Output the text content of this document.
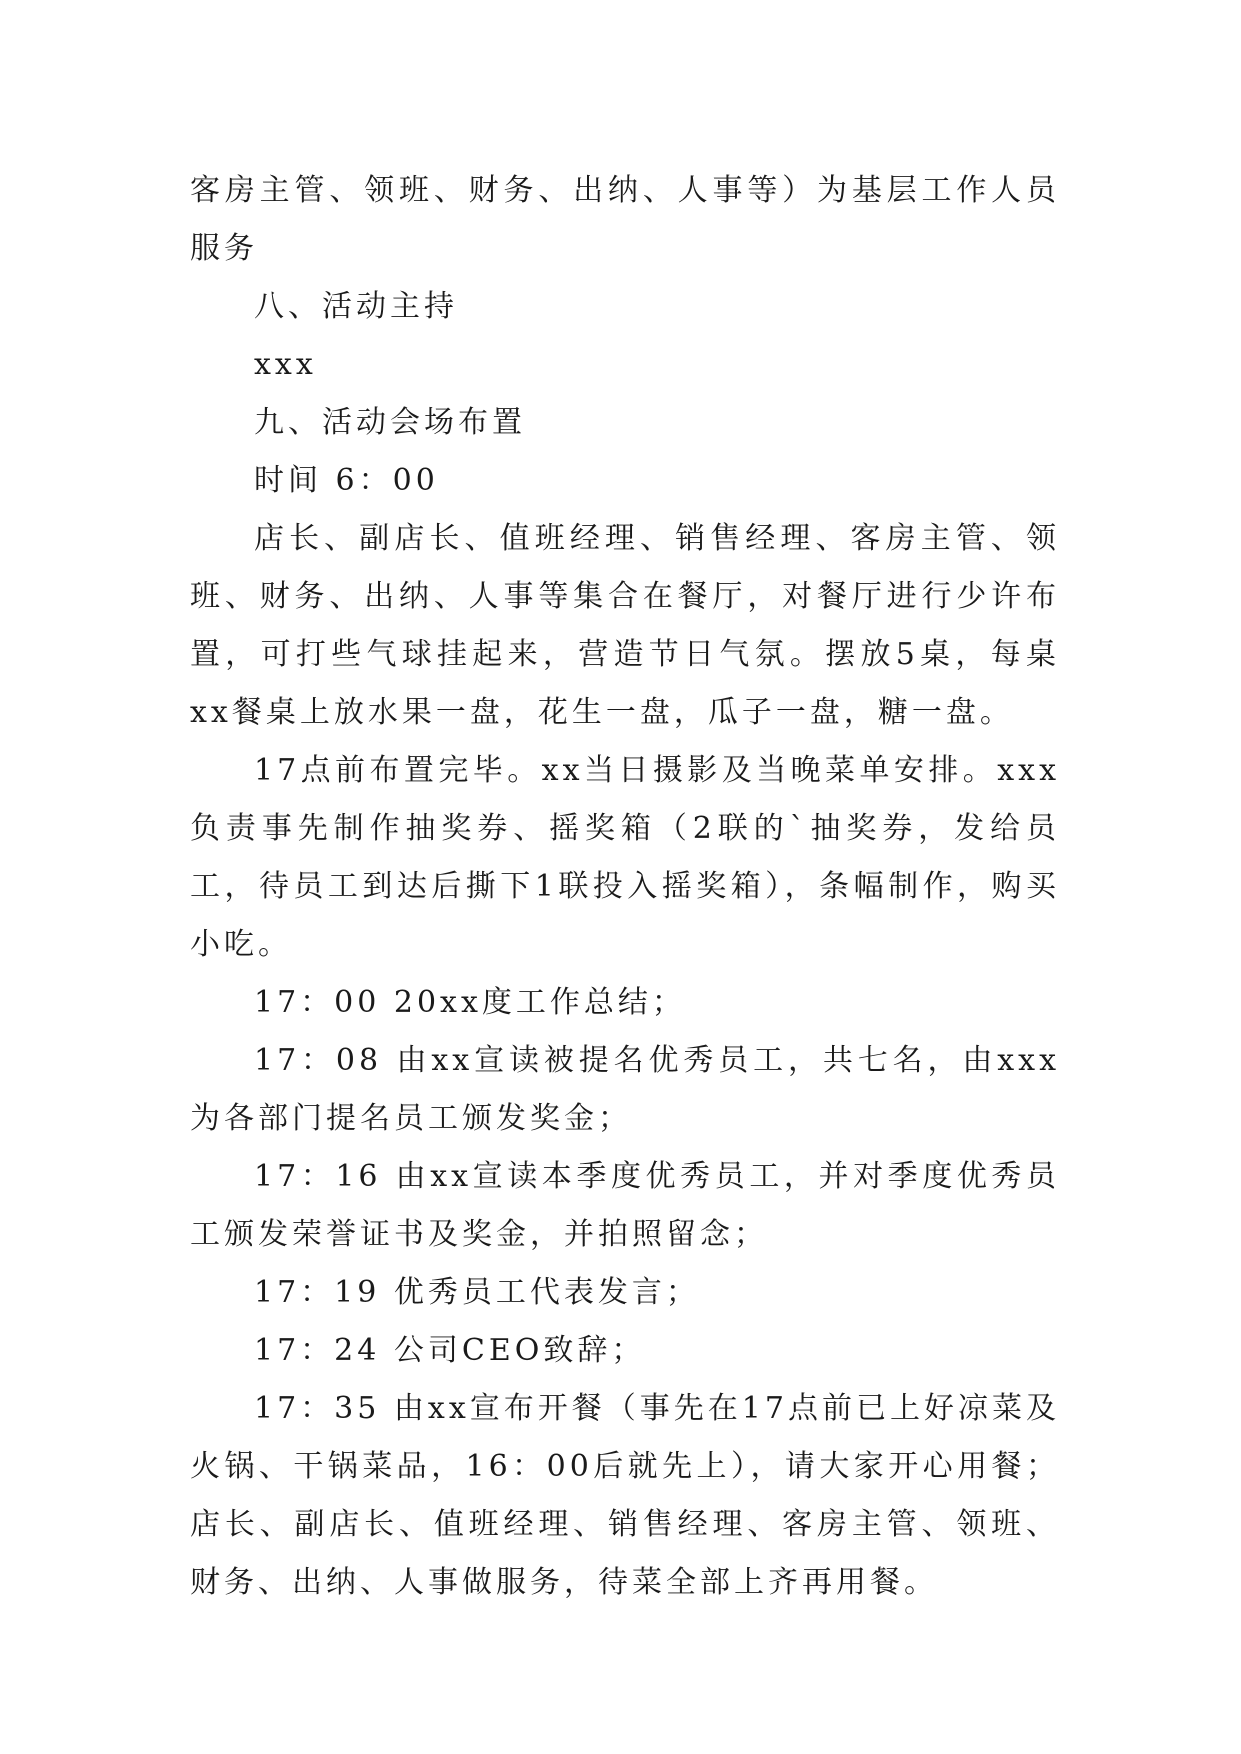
客房主管、领班、财务、出纳、人事等）为基层工作人员服务

八、活动主持

xxx

九、活动会场布置

时间 6：00

店长、副店长、值班经理、销售经理、客房主管、领班、财务、出纳、人事等集合在餐厅，对餐厅进行少许布置，可打些气球挂起来，营造节日气氛。摆放5桌，每桌xx餐桌上放水果一盘，花生一盘，瓜子一盘，糖一盘。

17点前布置完毕。xx当日摄影及当晚菜单安排。xxx负责事先制作抽奖券、摇奖箱（2联的`抽奖券，发给员工，待员工到达后撕下1联投入摇奖箱），条幅制作，购买小吃。

17：00 20xx度工作总结；

17：08 由xx宣读被提名优秀员工，共七名，由xxx为各部门提名员工颁发奖金；

17：16 由xx宣读本季度优秀员工，并对季度优秀员工颁发荣誉证书及奖金，并拍照留念；

17：19 优秀员工代表发言；

17：24 公司CEO致辞；

17：35 由xx宣布开餐（事先在17点前已上好凉菜及火锅、干锅菜品，16：00后就先上），请大家开心用餐；店长、副店长、值班经理、销售经理、客房主管、领班、财务、出纳、人事做服务，待菜全部上齐再用餐。
